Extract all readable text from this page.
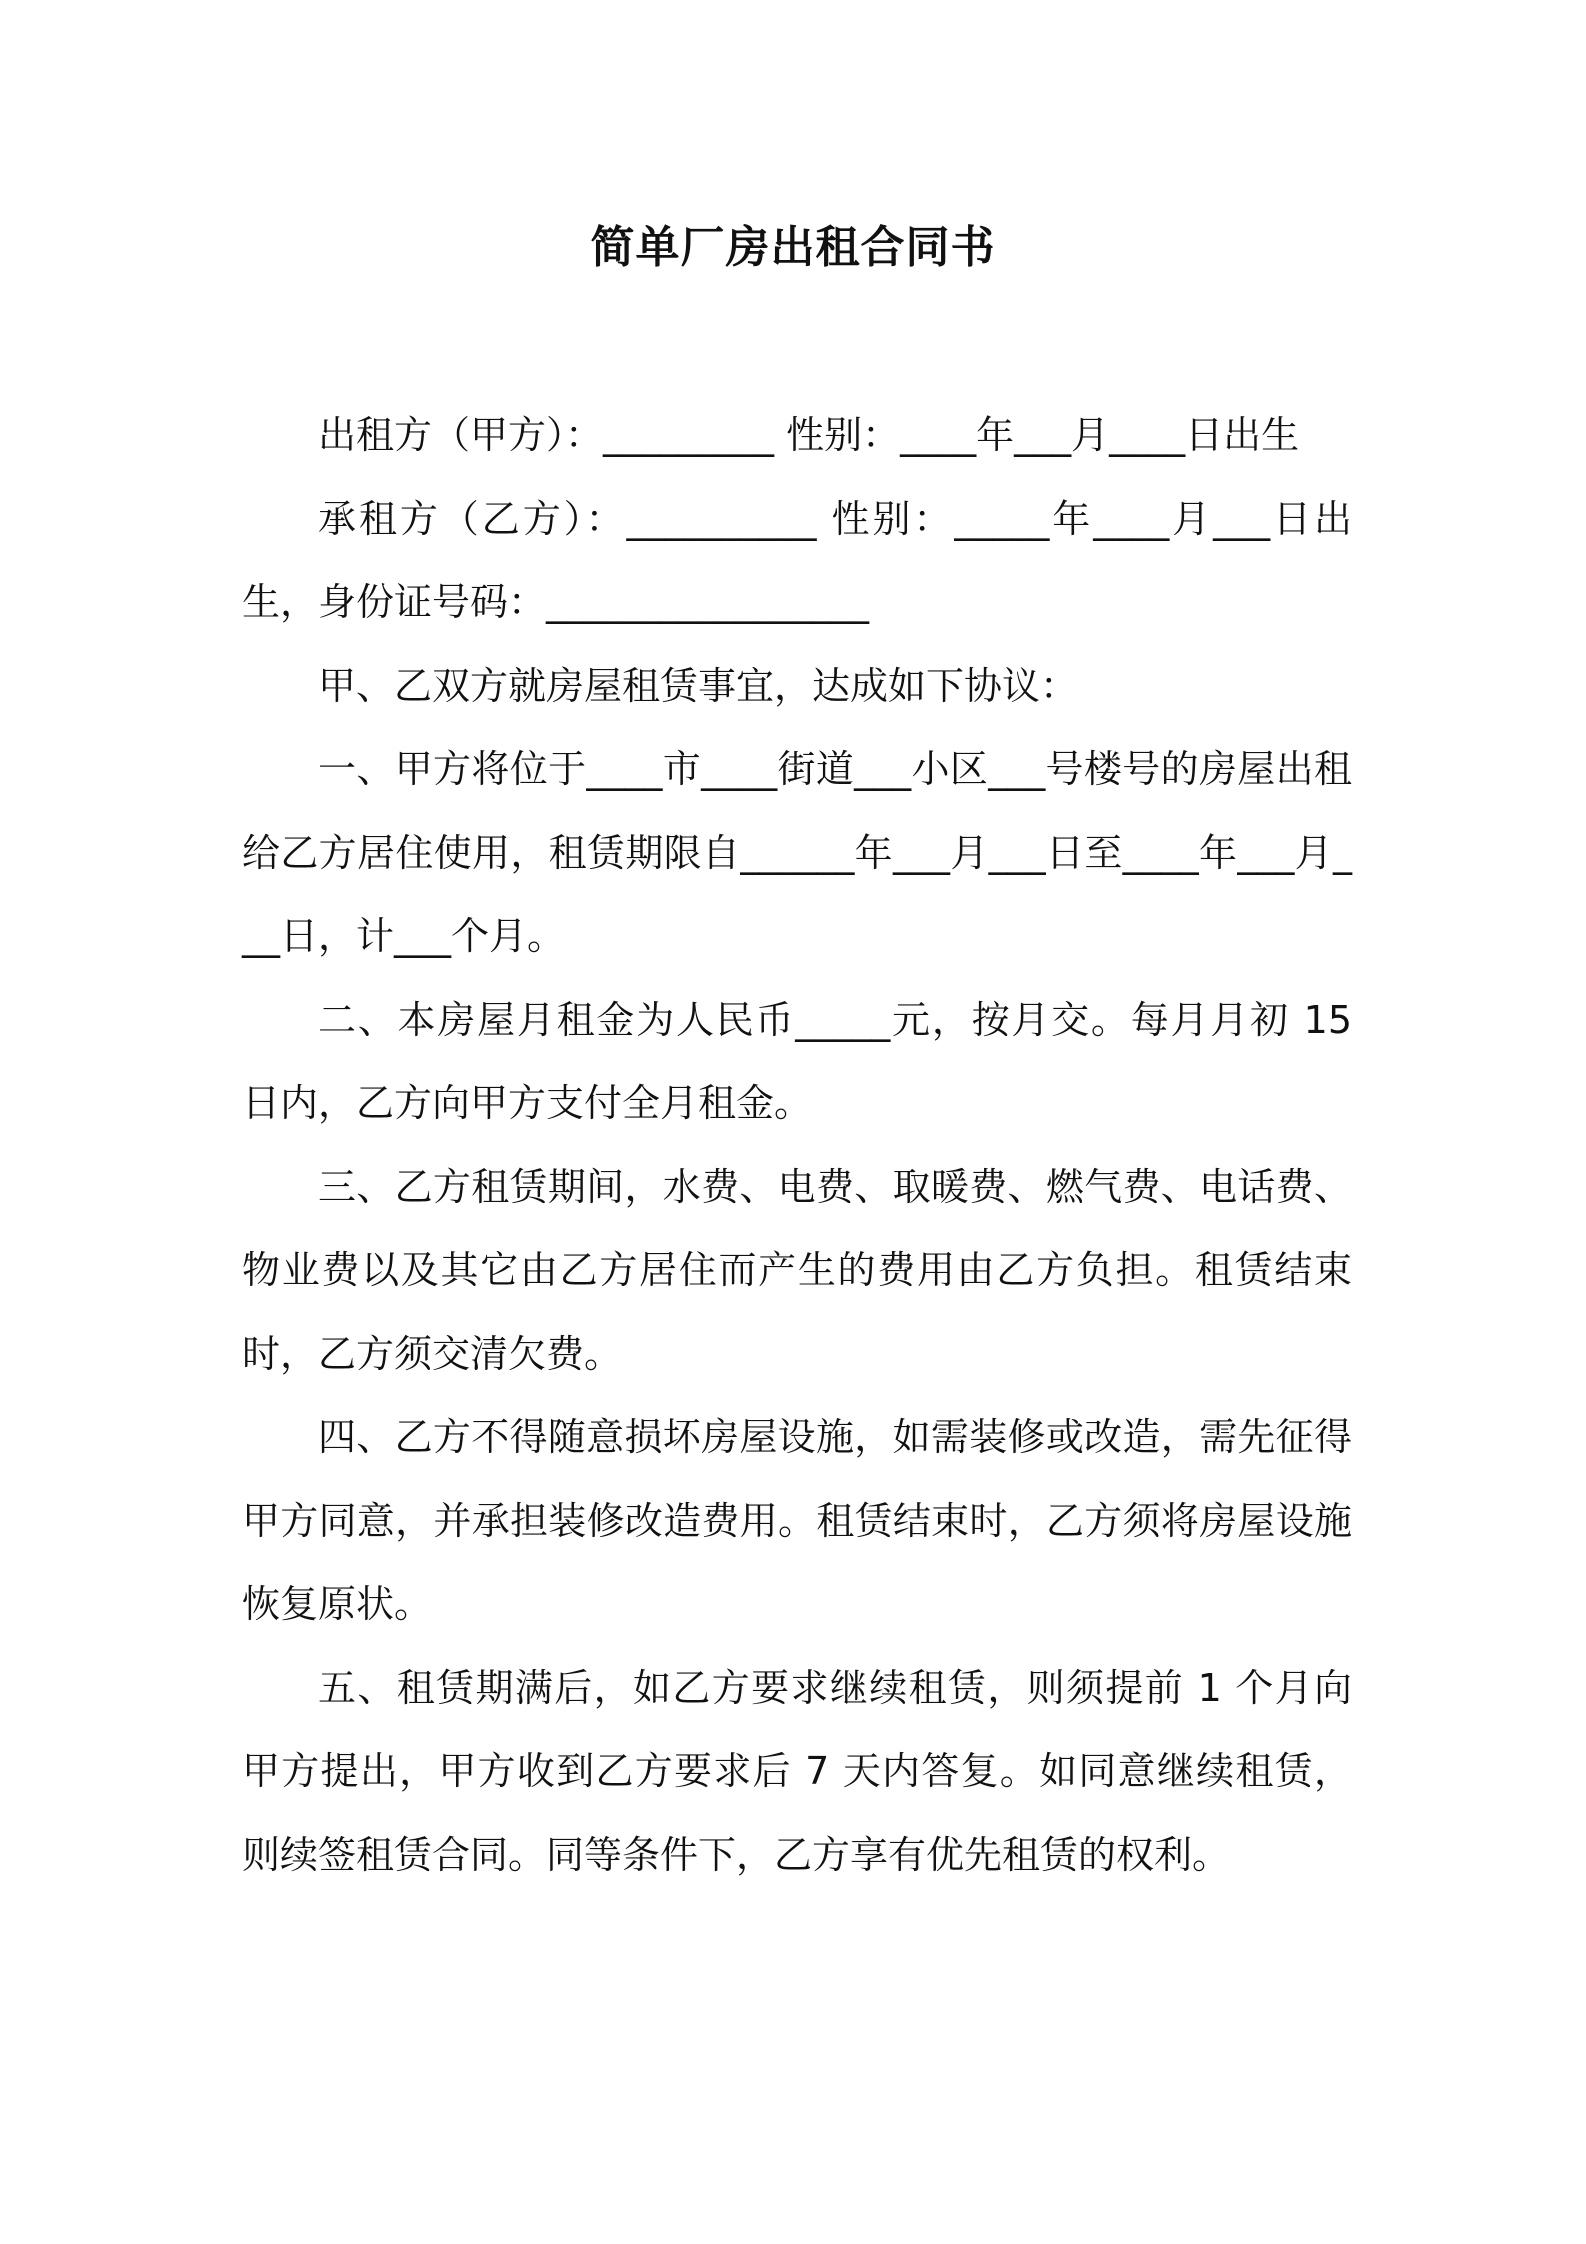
简单厂房出租合同书

出租方（甲方）：_________ 性别：____年___月____日出生

承租方（乙方）：__________ 性别：_____年____月___日出生，身份证号码：_________________

甲、乙双方就房屋租赁事宜，达成如下协议：

一、甲方将位于____市____街道___小区___号楼号的房屋出租给乙方居住使用，租赁期限自______年___月___日至____年___月___日，计___个月。

二、本房屋月租金为人民币_____元，按月交。每月月初 15 日内，乙方向甲方支付全月租金。

三、乙方租赁期间，水费、电费、取暖费、燃气费、电话费、物业费以及其它由乙方居住而产生的费用由乙方负担。租赁结束时，乙方须交清欠费。

四、乙方不得随意损坏房屋设施，如需装修或改造，需先征得甲方同意，并承担装修改造费用。租赁结束时，乙方须将房屋设施恢复原状。

五、租赁期满后，如乙方要求继续租赁，则须提前 1 个月向甲方提出，甲方收到乙方要求后 7 天内答复。如同意继续租赁，则续签租赁合同。同等条件下，乙方享有优先租赁的权利。
